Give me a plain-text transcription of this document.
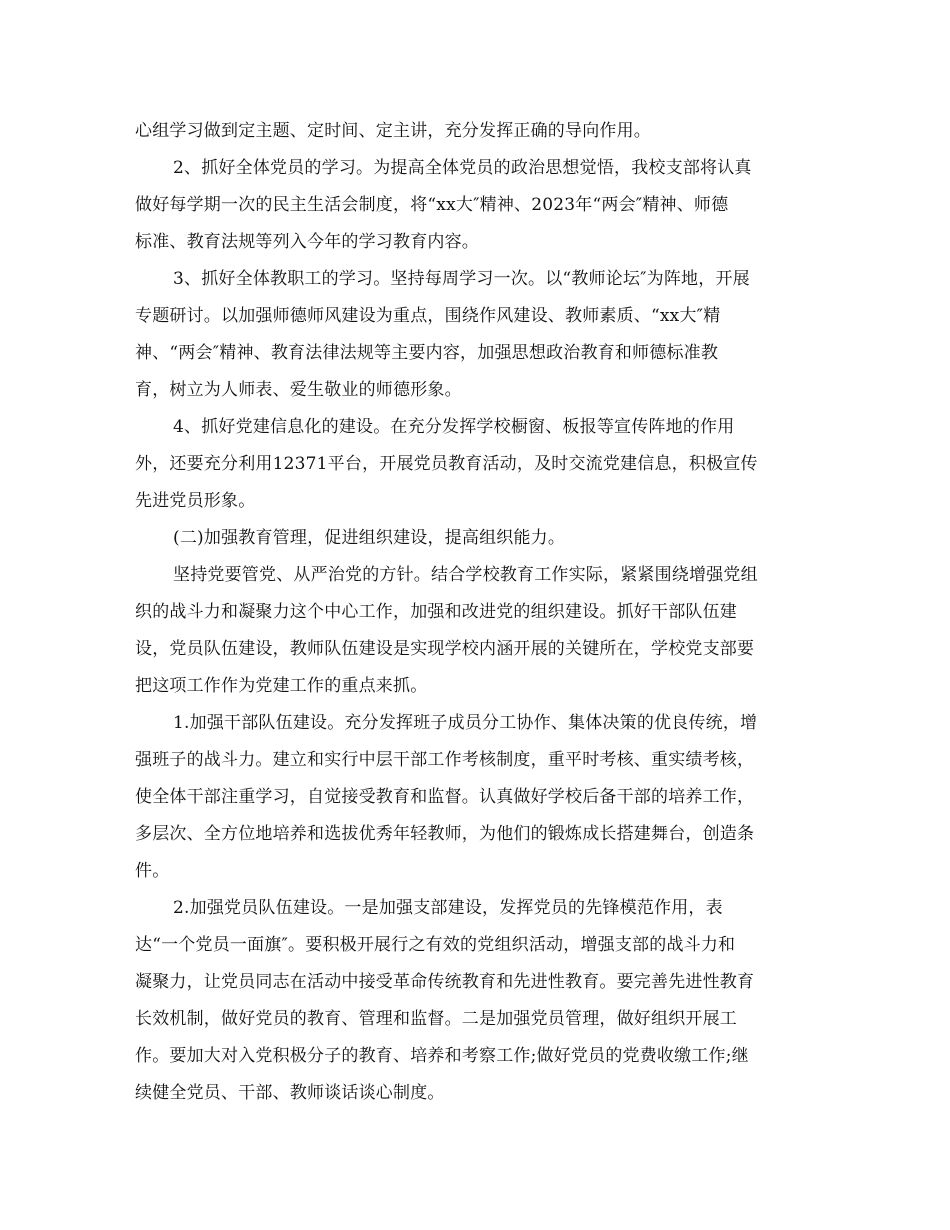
心组学习做到定主题、定时间、定主讲，充分发挥正确的导向作用。
2、抓好全体党员的学习。为提高全体党员的政治思想觉悟，我校支部将认真
做好每学期一次的民主生活会制度，将“xx大″精神、2023年“两会″精神、师德
标准、教育法规等列入今年的学习教育内容。
3、抓好全体教职工的学习。坚持每周学习一次。以“教师论坛″为阵地，开展
专题研讨。以加强师德师风建设为重点，围绕作风建设、教师素质、“xx大″精
神、“两会″精神、教育法律法规等主要内容，加强思想政治教育和师德标准教
育，树立为人师表、爱生敬业的师德形象。
4、抓好党建信息化的建设。在充分发挥学校橱窗、板报等宣传阵地的作用
外，还要充分利用12371平台，开展党员教育活动，及时交流党建信息，积极宣传
先进党员形象。
(二)加强教育管理，促进组织建设，提高组织能力。
坚持党要管党、从严治党的方针。结合学校教育工作实际，紧紧围绕增强党组
织的战斗力和凝聚力这个中心工作，加强和改进党的组织建设。抓好干部队伍建
设，党员队伍建设，教师队伍建设是实现学校内涵开展的关键所在，学校党支部要
把这项工作作为党建工作的重点来抓。
1.加强干部队伍建设。充分发挥班子成员分工协作、集体决策的优良传统，增
强班子的战斗力。建立和实行中层干部工作考核制度，重平时考核、重实绩考核，
使全体干部注重学习，自觉接受教育和监督。认真做好学校后备干部的培养工作，
多层次、全方位地培养和选拔优秀年轻教师，为他们的锻炼成长搭建舞台，创造条
件。
2.加强党员队伍建设。一是加强支部建设，发挥党员的先锋模范作用，表
达“一个党员一面旗″。要积极开展行之有效的党组织活动，增强支部的战斗力和
凝聚力，让党员同志在活动中接受革命传统教育和先进性教育。要完善先进性教育
长效机制，做好党员的教育、管理和监督。二是加强党员管理，做好组织开展工
作。要加大对入党积极分子的教育、培养和考察工作;做好党员的党费收缴工作;继
续健全党员、干部、教师谈话谈心制度。
